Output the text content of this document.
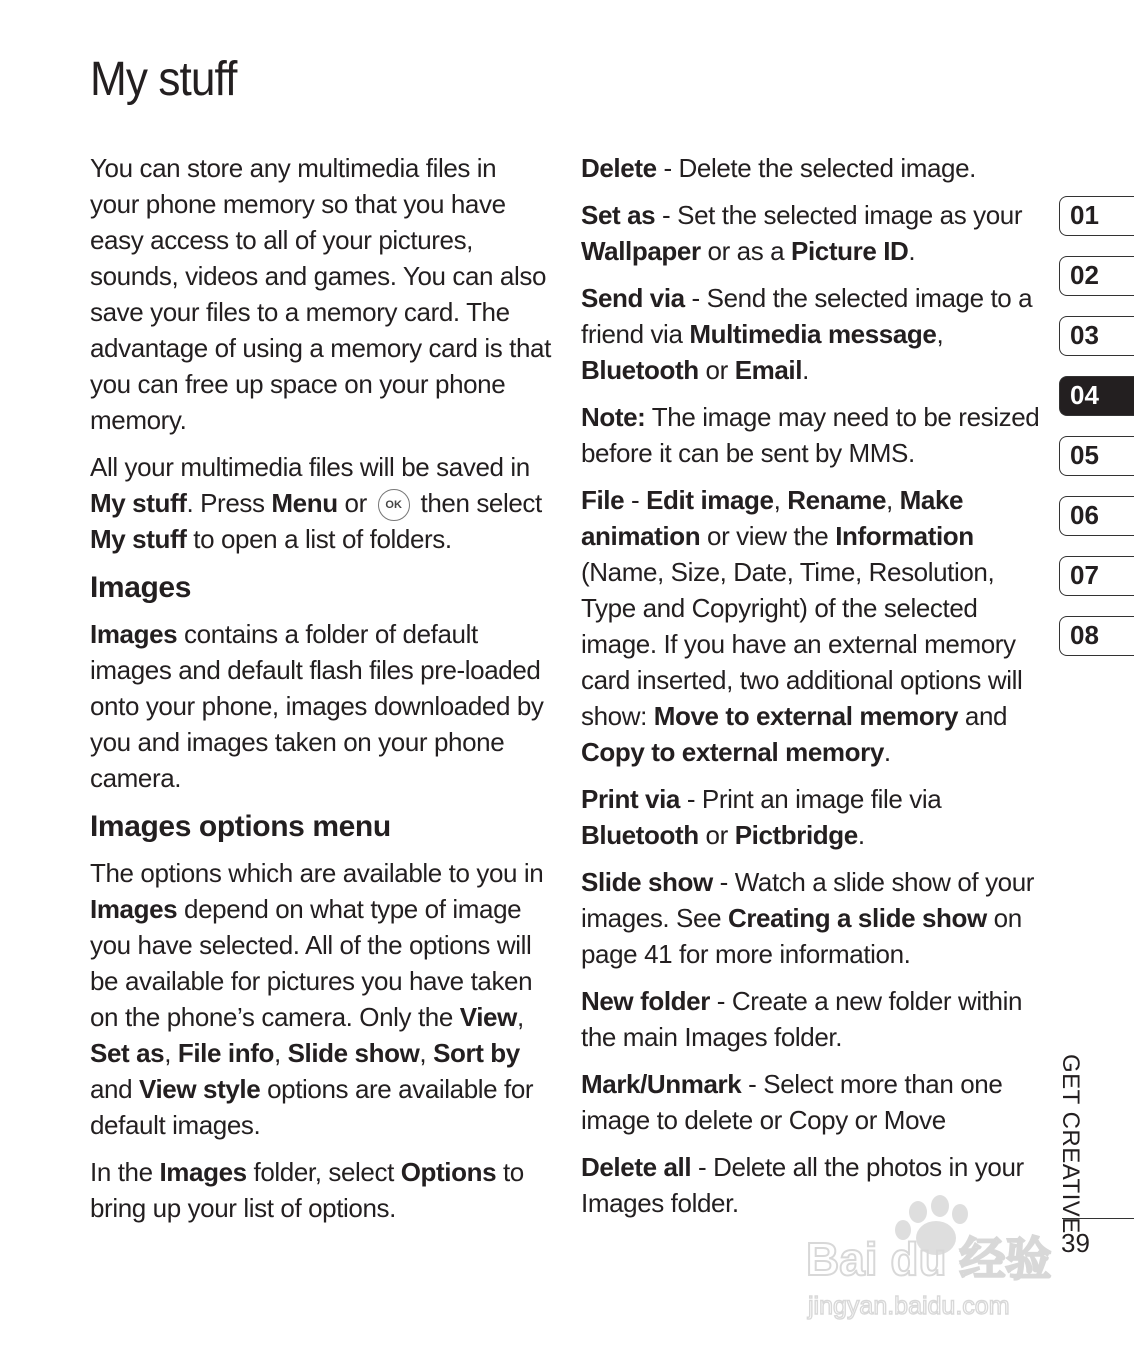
My stuff

You can store any multimedia files in your phone memory so that you have easy access to all of your pictures, sounds, videos and games. You can also save your files to a memory card. The advantage of using a memory card is that you can free up space on your phone memory.

All your multimedia files will be saved in My stuff. Press Menu or OK then select My stuff to open a list of folders.

Images

Images contains a folder of default images and default flash files pre-loaded onto your phone, images downloaded by you and images taken on your phone camera.

Images options menu

The options which are available to you in Images depend on what type of image you have selected. All of the options will be available for pictures you have taken on the phone’s camera. Only the View, Set as, File info, Slide show, Sort by and View style options are available for default images.

In the Images folder, select Options to bring up your list of options.

Delete - Delete the selected image.

Set as - Set the selected image as your Wallpaper or as a Picture ID.

Send via - Send the selected image to a friend via Multimedia message, Bluetooth or Email.

Note: The image may need to be resized before it can be sent by MMS.

File - Edit image, Rename, Make animation or view the Information (Name, Size, Date, Time, Resolution, Type and Copyright) of the selected image. If you have an external memory card inserted, two additional options will show: Move to external memory and Copy to external memory.

Print via - Print an image file via Bluetooth or Pictbridge.

Slide show - Watch a slide show of your images. See Creating a slide show on page 41 for more information.

New folder - Create a new folder within the main Images folder.

Mark/Unmark - Select more than one image to delete or Copy or Move

Delete all - Delete all the photos in your Images folder.

01
02
03
04
05
06
07
08
GET CREATIVE
39
Bai du 经验
jingyan.baidu.com
